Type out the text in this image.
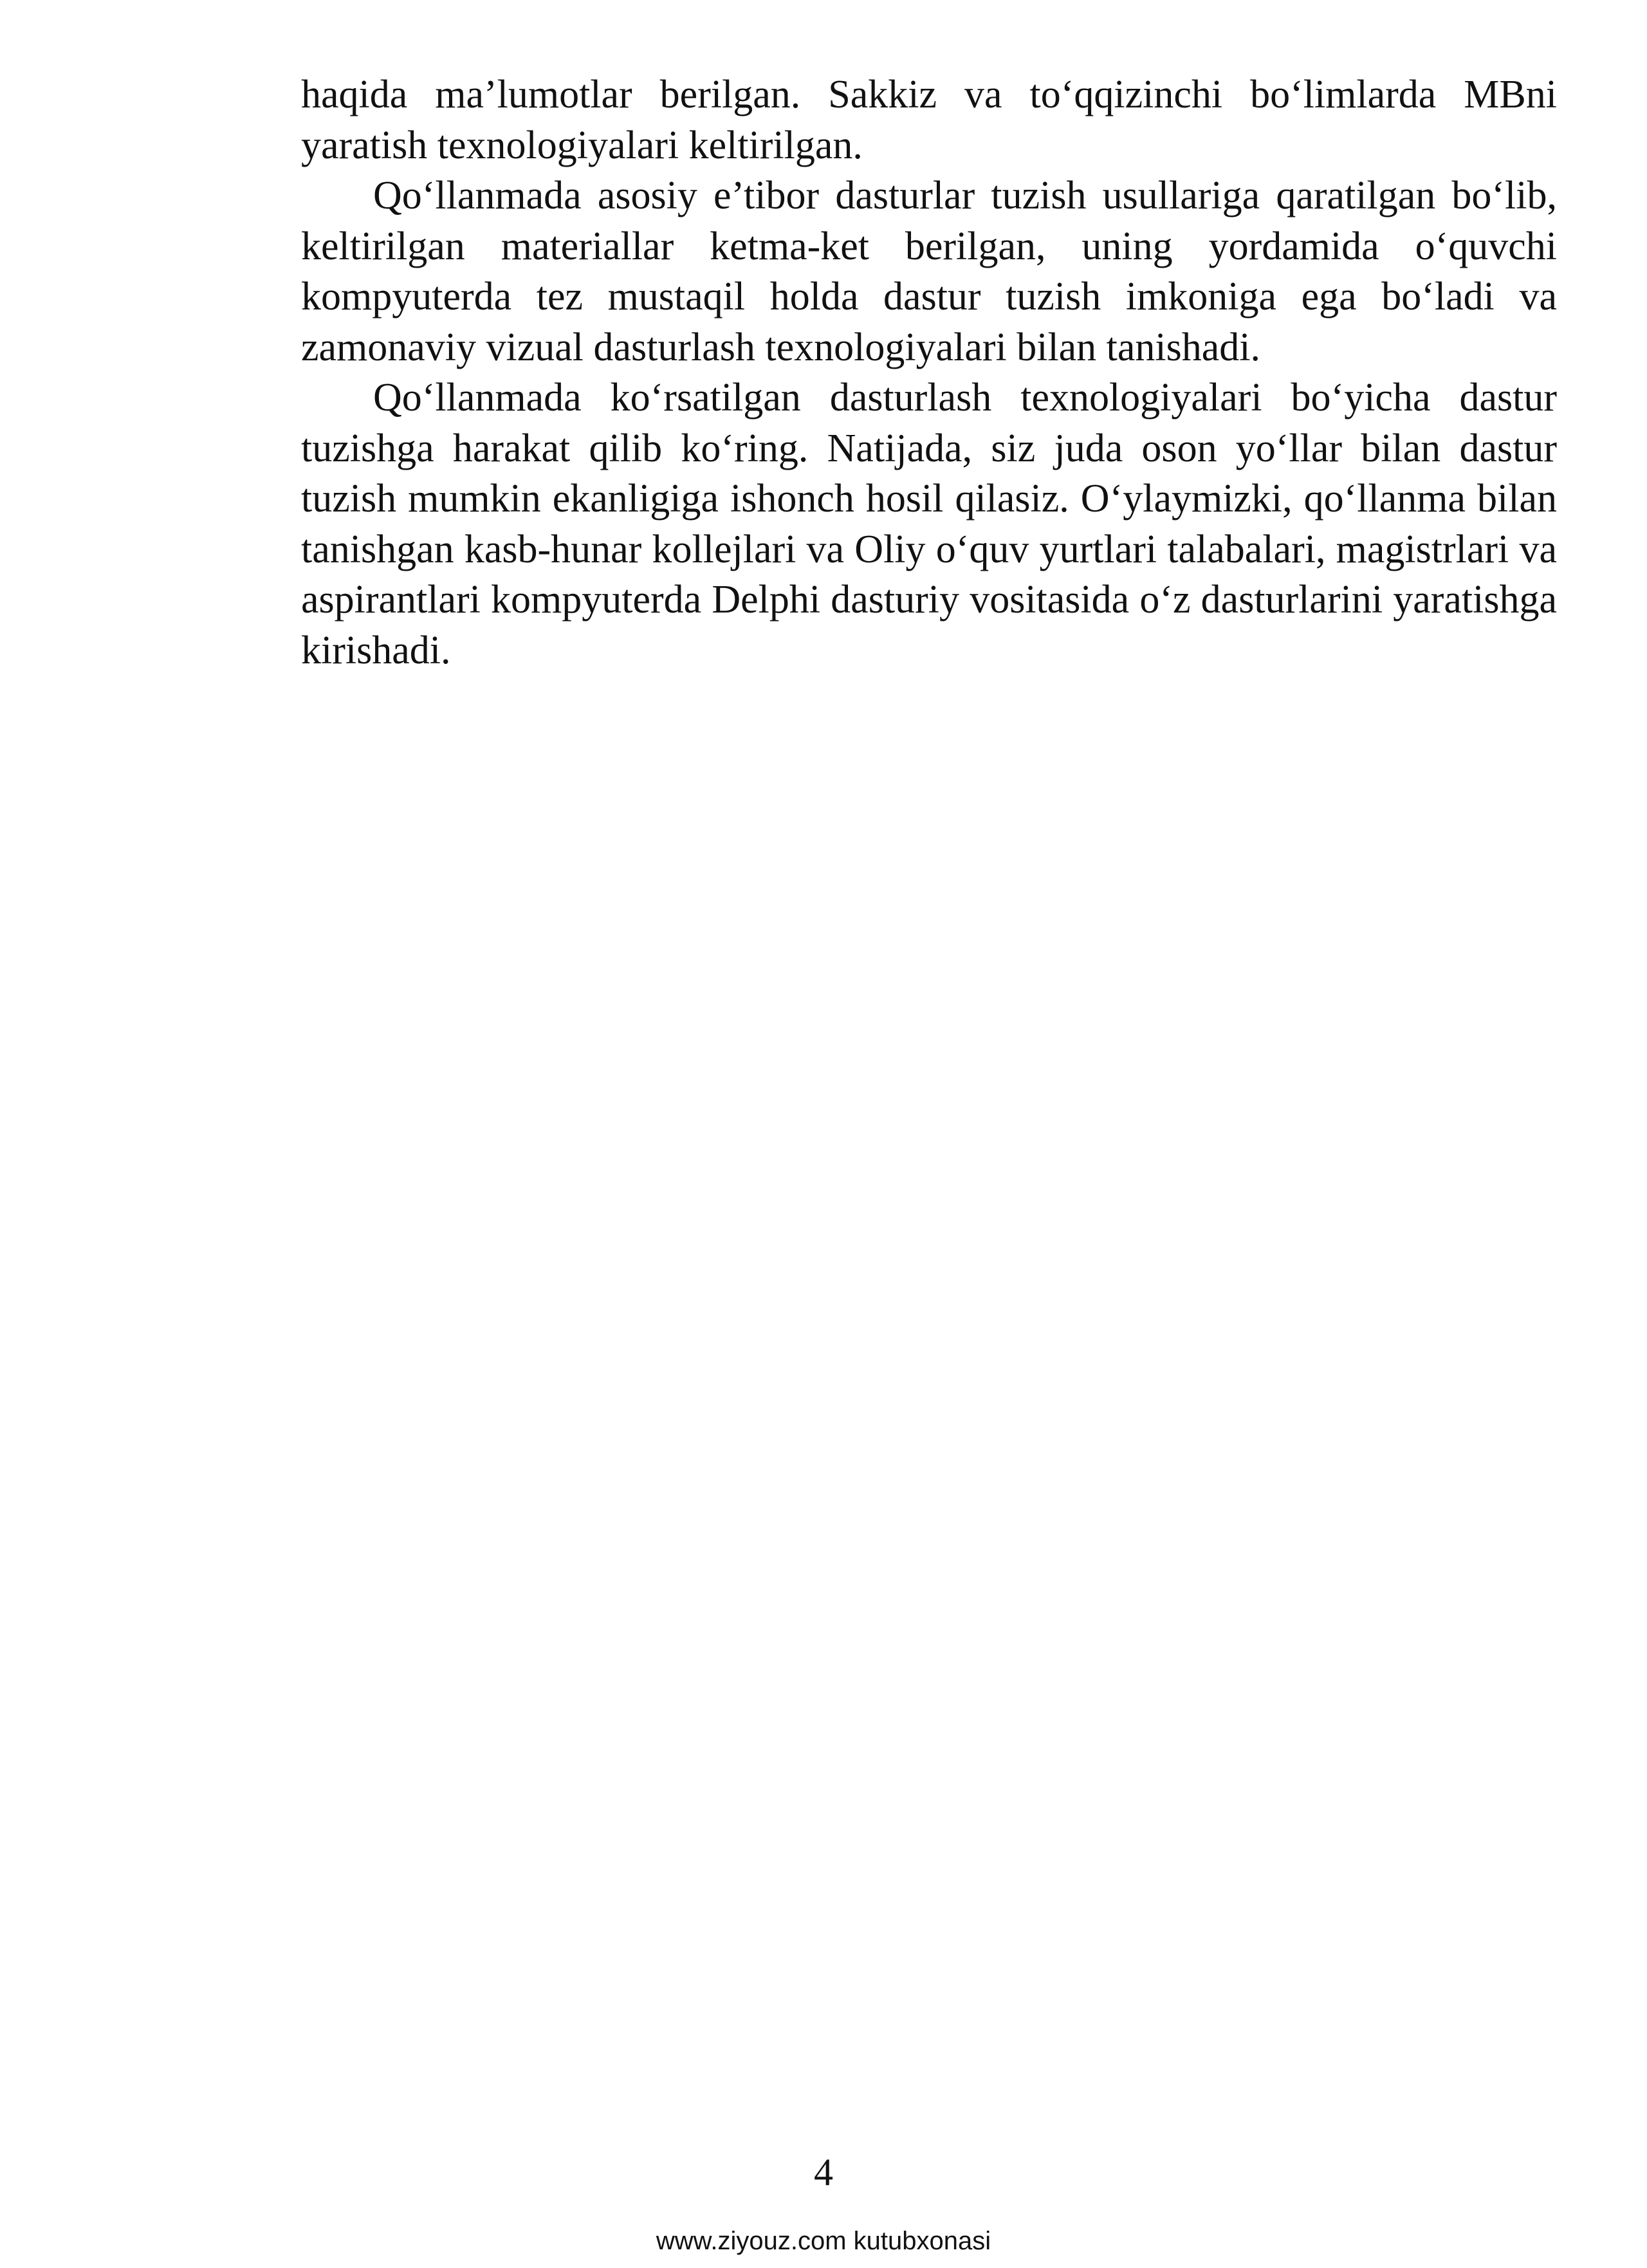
haqida ma’lumotlar berilgan. Sakkiz va to‘qqizinchi bo‘limlarda MBni yaratish texnologiyalari keltirilgan.

Qo‘llanmada asosiy e’tibor dasturlar tuzish usullariga qaratilgan bo‘lib, keltirilgan materiallar ketma-ket berilgan, uning yordamida o‘quvchi kompyuterda tez mustaqil holda dastur tuzish imkoniga ega bo‘ladi va zamonaviy vizual dasturlash texnologiyalari bilan tanishadi.

Qo‘llanmada ko‘rsatilgan dasturlash texnologiyalari bo‘yicha dastur tuzishga harakat qilib ko‘ring. Natijada, siz juda oson yo‘llar bilan dastur tuzish mumkin ekanligiga ishonch hosil qilasiz. O‘ylaymizki, qo‘llanma bilan tanishgan kasb-hunar kollejlari va Oliy o‘quv yurtlari talabalari, magistrlari va aspirantlari kompyuterda Delphi dasturiy vositasida o‘z dasturlarini yaratishga kirishadi.

4
www.ziyouz.com kutubxonasi
